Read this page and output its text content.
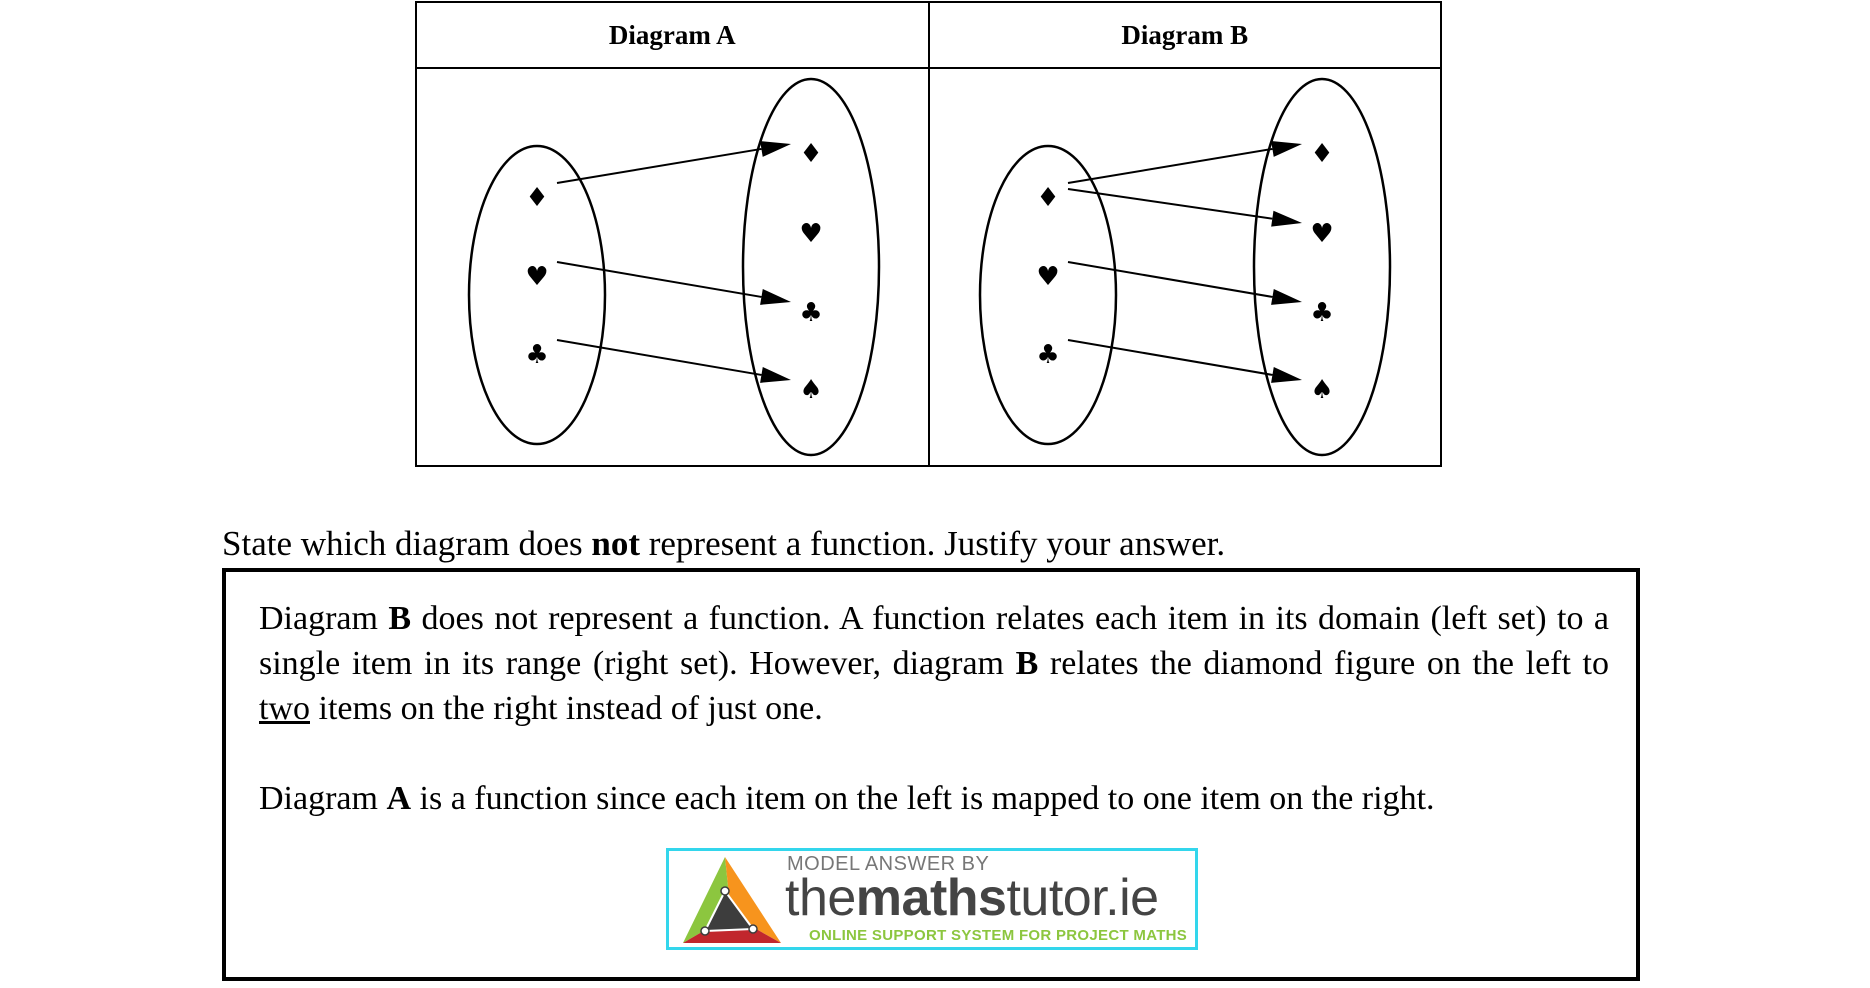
Diagram A
♦
♥
♣
♦
♥
♣
♠
Diagram B
♦
♥
♣
♦
♥
♣
♠
State which diagram does not represent a function. Justify your answer.

Diagram B does not represent a function. A function relates each item in its domain (left set) to a single item in its range (right set). However, diagram B relates the diamond figure on the left to two items on the right instead of just one.

Diagram A is a function since each item on the left is mapped to one item on the right.

MODEL ANSWER BY
themathstutor.ie
ONLINE SUPPORT SYSTEM FOR PROJECT MATHS
